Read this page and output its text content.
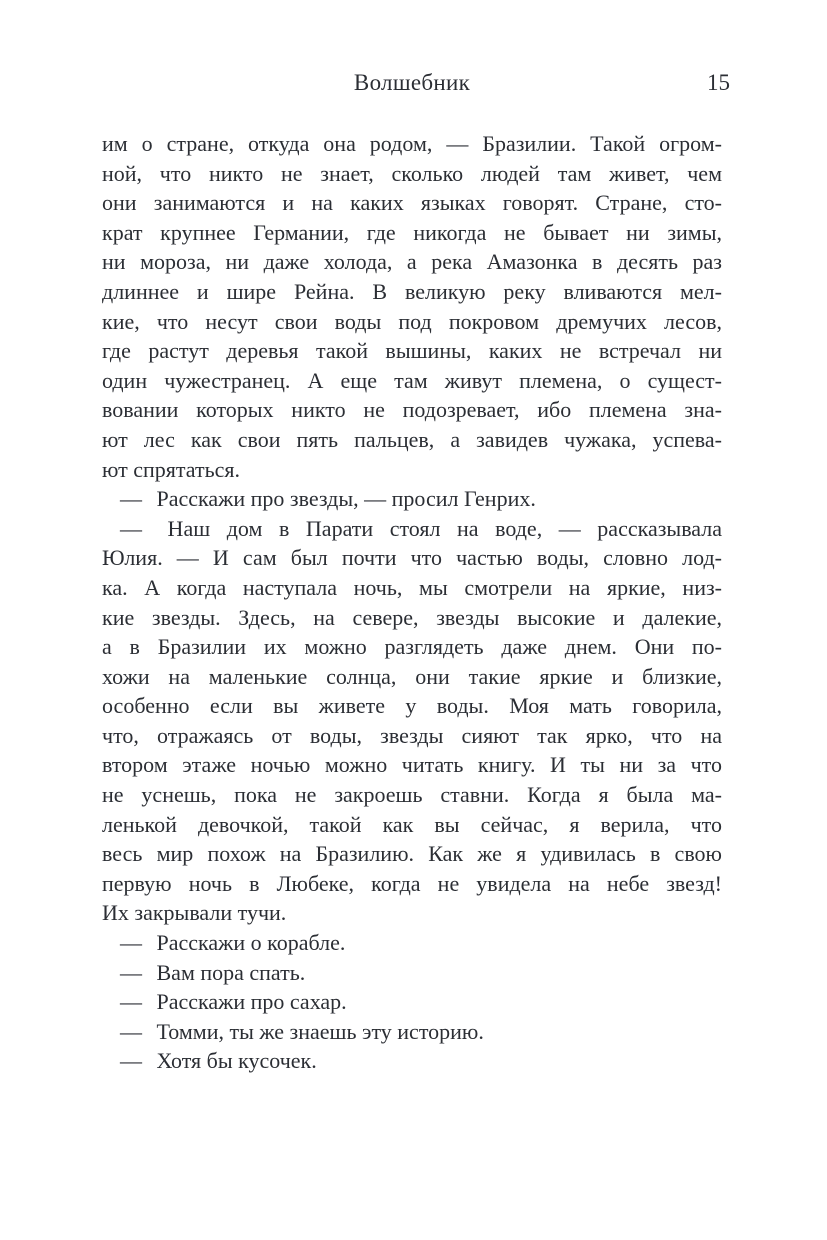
Волшебник	15
им о стране, откуда она родом, — Бразилии. Такой огром-
ной, что никто не знает, сколько людей там живет, чем
они занимаются и на каких языках говорят. Стране, сто-
крат крупнее Германии, где никогда не бывает ни зимы,
ни мороза, ни даже холода, а река Амазонка в десять раз
длиннее и шире Рейна. В великую реку вливаются мел-
кие, что несут свои воды под покровом дремучих лесов,
где растут деревья такой вышины, каких не встречал ни
один чужестранец. А еще там живут племена, о сущест-
вовании которых никто не подозревает, ибо племена зна-
ют лес как свои пять пальцев, а завидев чужака, успева-
ют спрятаться.
— Расскажи про звезды, — просил Генрих.
— Наш дом в Парати стоял на воде, — рассказывала
Юлия. — И сам был почти что частью воды, словно лод-
ка. А когда наступала ночь, мы смотрели на яркие, низ-
кие звезды. Здесь, на севере, звезды высокие и далекие,
а в Бразилии их можно разглядеть даже днем. Они по-
хожи на маленькие солнца, они такие яркие и близкие,
особенно если вы живете у воды. Моя мать говорила,
что, отражаясь от воды, звезды сияют так ярко, что на
втором этаже ночью можно читать книгу. И ты ни за что
не уснешь, пока не закроешь ставни. Когда я была ма-
ленькой девочкой, такой как вы сейчас, я верила, что
весь мир похож на Бразилию. Как же я удивилась в свою
первую ночь в Любеке, когда не увидела на небе звезд!
Их закрывали тучи.
— Расскажи о корабле.
— Вам пора спать.
— Расскажи про сахар.
— Томми, ты же знаешь эту историю.
— Хотя бы кусочек.
